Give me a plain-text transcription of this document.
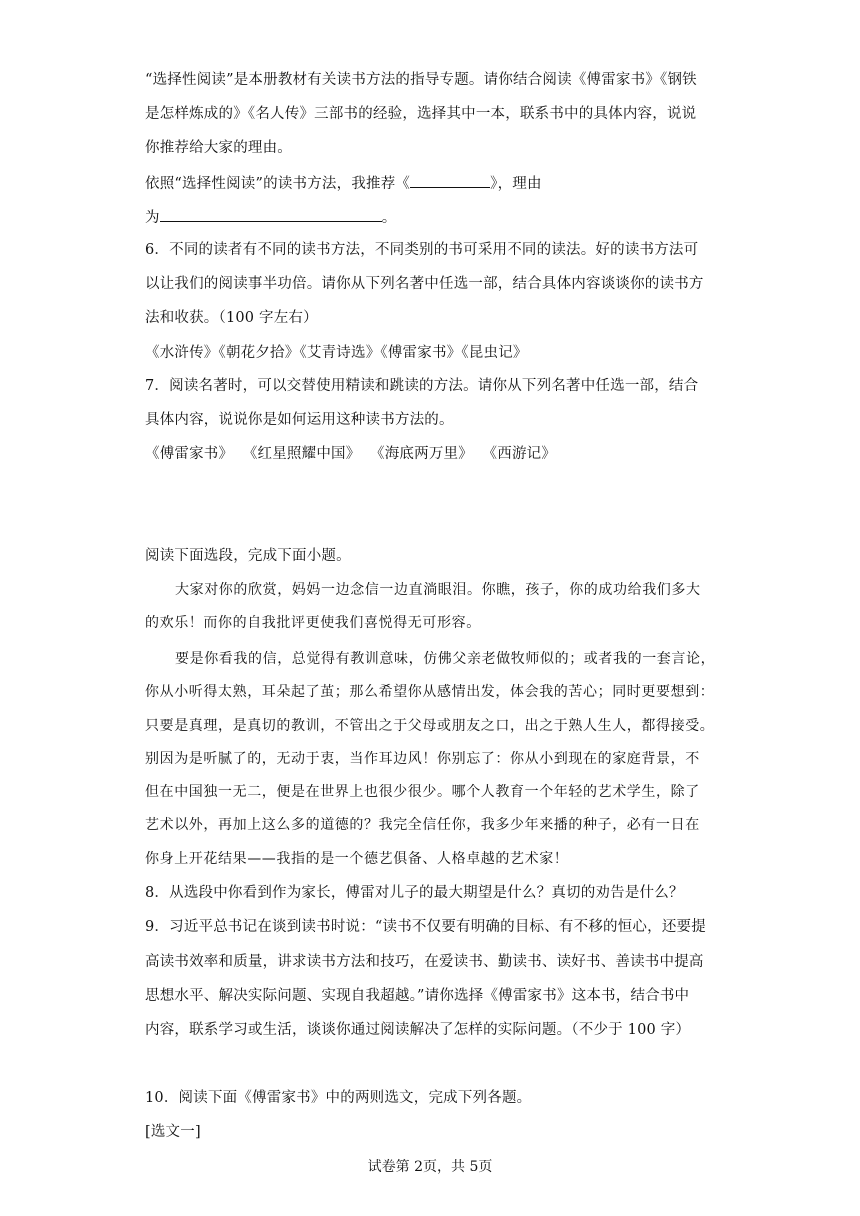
“选择性阅读”是本册教材有关读书方法的指导专题。请你结合阅读《傅雷家书》《钢铁
是怎样炼成的》《名人传》三部书的经验，选择其中一本，联系书中的具体内容，说说
你推荐给大家的理由。
依照“选择性阅读”的读书方法，我推荐《	》，理由
为	。
6．不同的读者有不同的读书方法，不同类别的书可采用不同的读法。好的读书方法可
以让我们的阅读事半功倍。请你从下列名著中任选一部，结合具体内容谈谈你的读书方
法和收获。（100 字左右）
《水浒传》《朝花夕拾》《艾青诗选》《傅雷家书》《昆虫记》
7．阅读名著时，可以交替使用精读和跳读的方法。请你从下列名著中任选一部，结合
具体内容，说说你是如何运用这种读书方法的。
《傅雷家书》  《红星照耀中国》  《海底两万里》  《西游记》
阅读下面选段，完成下面小题。
大家对你的欣赏，妈妈一边念信一边直淌眼泪。你瞧，孩子，你的成功给我们多大
的欢乐！而你的自我批评更使我们喜悦得无可形容。
要是你看我的信，总觉得有教训意味，仿佛父亲老做牧师似的；或者我的一套言论，
你从小听得太熟，耳朵起了茧；那么希望你从感情出发，体会我的苦心；同时更要想到：
只要是真理，是真切的教训，不管出之于父母或朋友之口，出之于熟人生人，都得接受。
别因为是听腻了的，无动于衷，当作耳边风！你别忘了：你从小到现在的家庭背景，不
但在中国独一无二，便是在世界上也很少很少。哪个人教育一个年轻的艺术学生，除了
艺术以外，再加上这么多的道德的？我完全信任你，我多少年来播的种子，必有一日在
你身上开花结果——我指的是一个德艺俱备、人格卓越的艺术家！
8．从选段中你看到作为家长，傅雷对儿子的最大期望是什么？真切的劝告是什么？
9．习近平总书记在谈到读书时说：“读书不仅要有明确的目标、有不移的恒心，还要提
高读书效率和质量，讲求读书方法和技巧，在爱读书、勤读书、读好书、善读书中提高
思想水平、解决实际问题、实现自我超越。”请你选择《傅雷家书》这本书，结合书中
内容，联系学习或生活，谈谈你通过阅读解决了怎样的实际问题。（不少于 100 字）
10．阅读下面《傅雷家书》中的两则选文，完成下列各题。
[选文一]
试卷第 2页，共 5页
